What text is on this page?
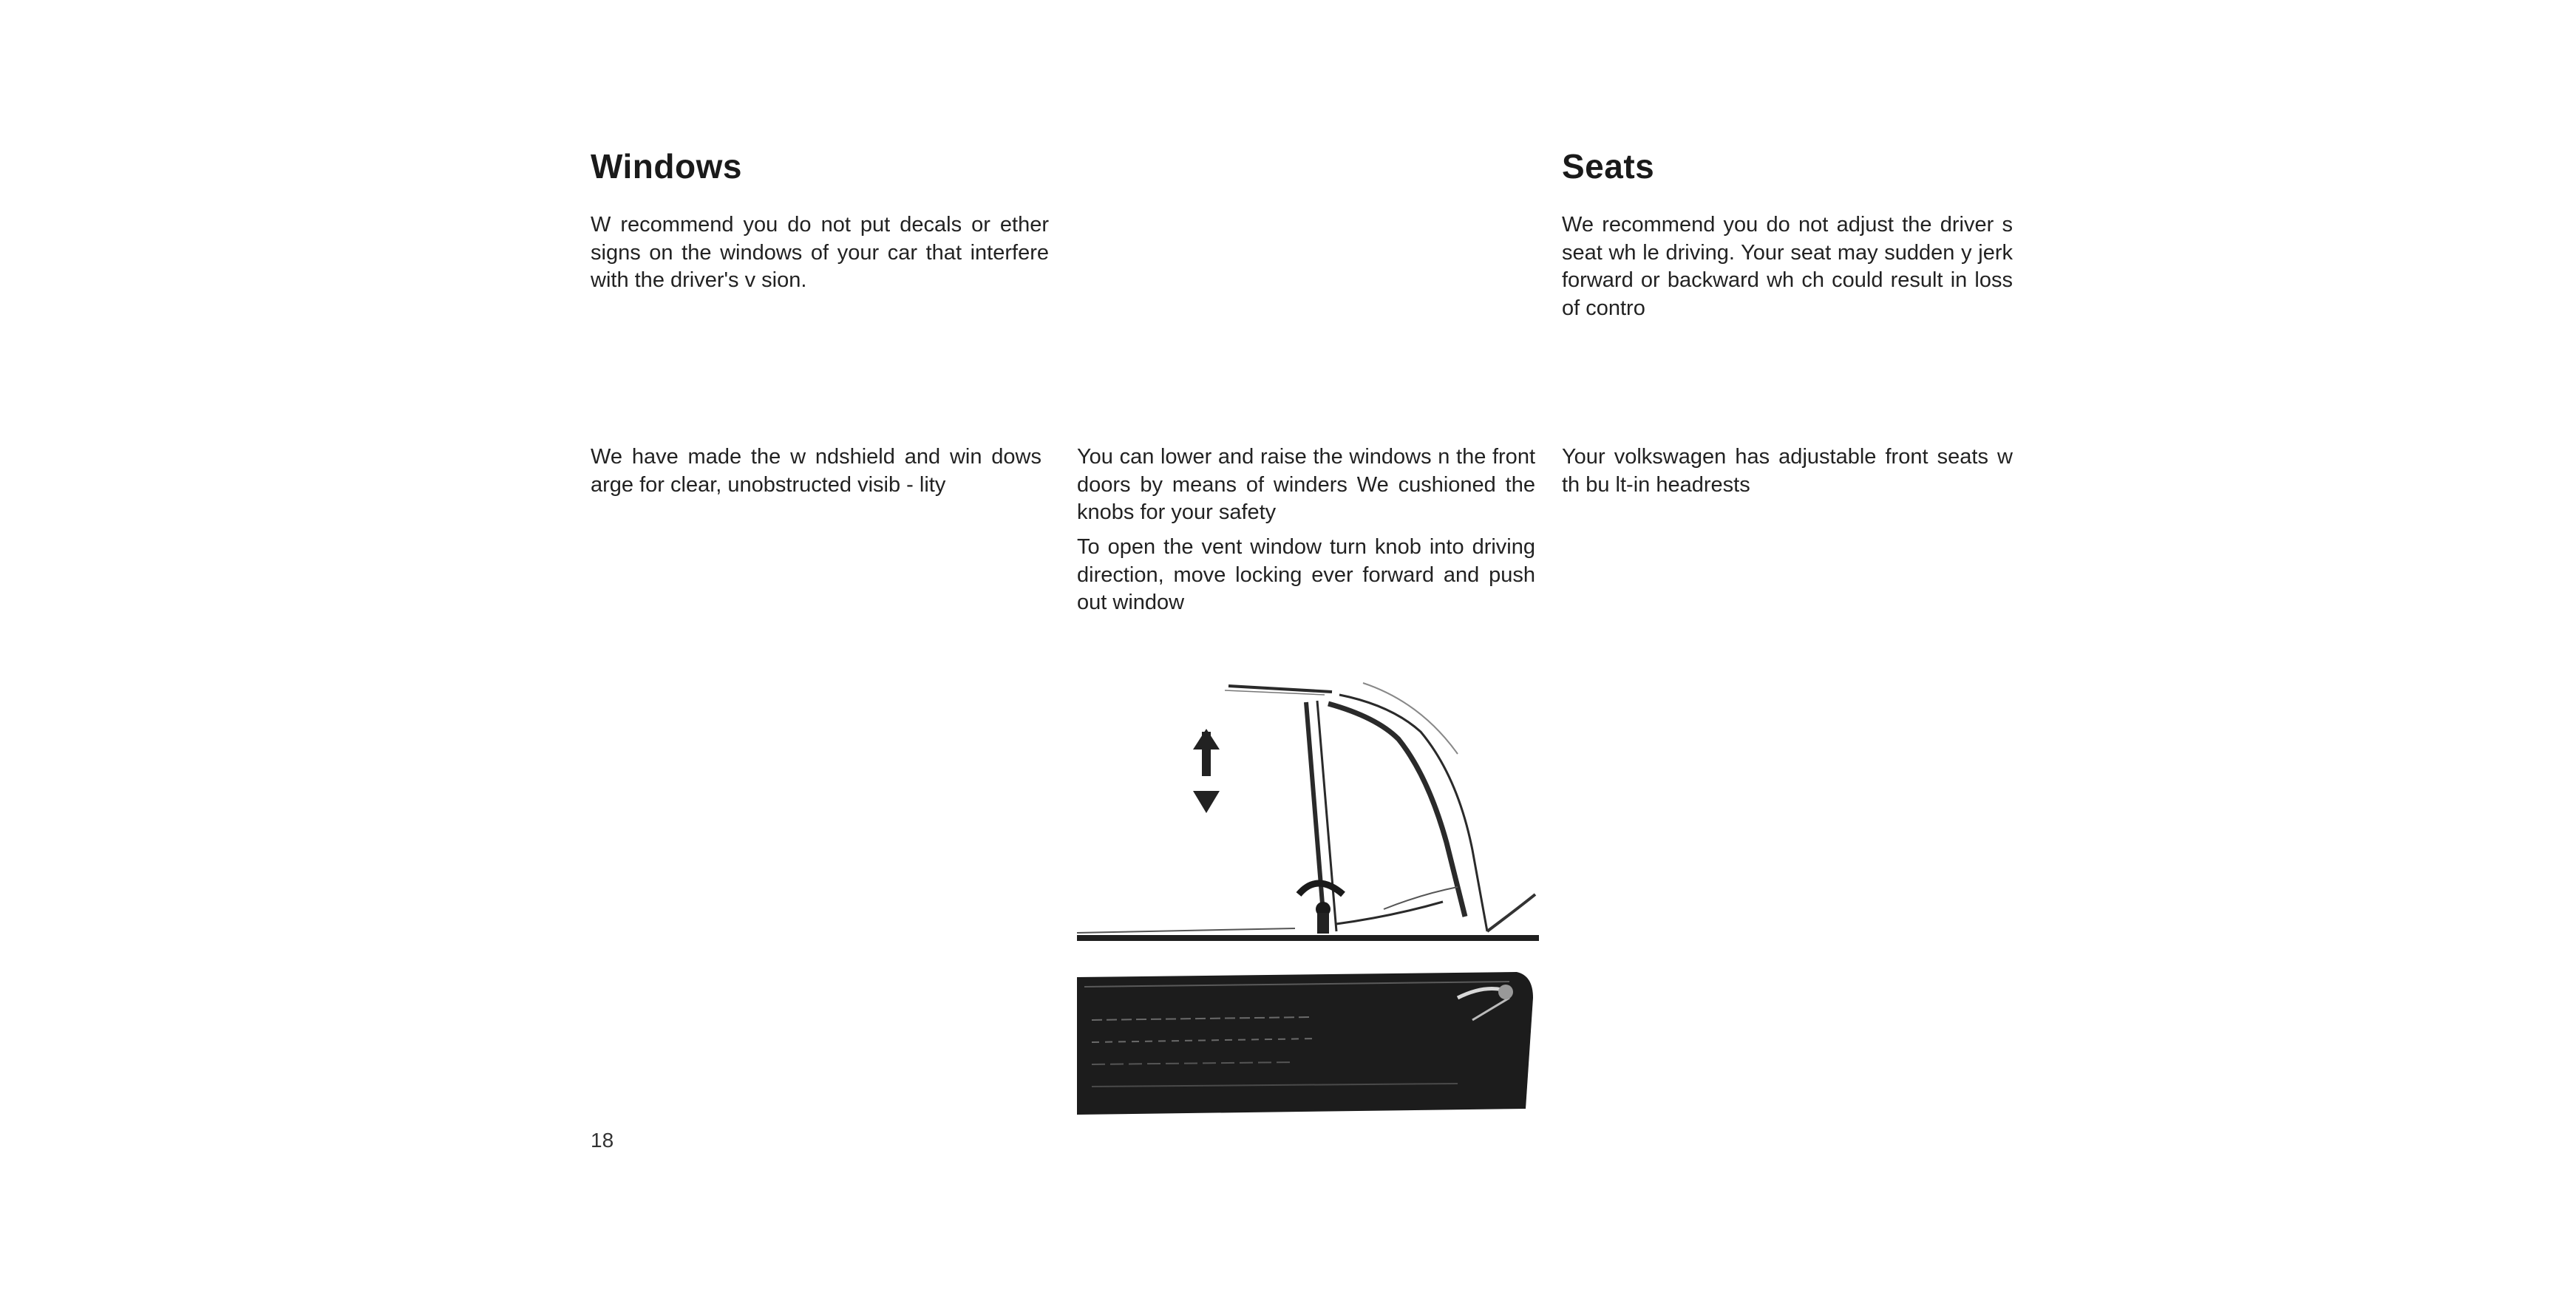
Windows

W recommend you do not put decals or ether signs on the windows of your car that interfere with the driver's v sion.

We have made the w ndshield and win dows arge for clear, unobstructed visib - lity

You can lower and raise the windows n the front doors by means of winders We cushioned the knobs for your safety

To open the vent window turn knob into driving direction, move locking ever forward and push out window

Seats

We recommend you do not adjust the driver s seat wh le driving. Your seat may sudden y jerk forward or backward wh ch could result in loss of contro

Your volkswagen has adjustable front seats w th bu lt-in headrests

18
